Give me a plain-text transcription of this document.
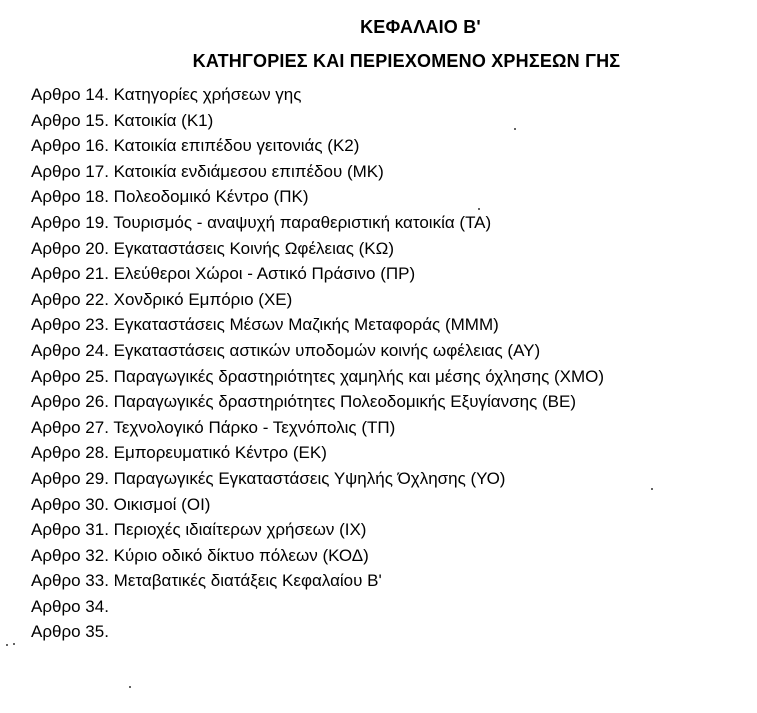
ΚΕΦΑΛΑΙΟ Β'
ΚΑΤΗΓΟΡΙΕΣ ΚΑΙ ΠΕΡΙΕΧΟΜΕΝΟ ΧΡΗΣΕΩΝ ΓΗΣ
Αρθρο 14. Κατηγορίες χρήσεων γης
Αρθρο 15. Κατοικία (Κ1)
Αρθρο 16. Κατοικία επιπέδου γειτονιάς (Κ2)
Αρθρο 17. Κατοικία ενδιάμεσου επιπέδου (ΜΚ)
Αρθρο 18. Πολεοδομικό Κέντρο (ΠΚ)
Αρθρο 19. Τουρισμός - αναψυχή παραθεριστική κατοικία (ΤΑ)
Αρθρο 20. Εγκαταστάσεις Κοινής Ωφέλειας (ΚΩ)
Αρθρο 21. Ελεύθεροι Χώροι - Αστικό Πράσινο (ΠΡ)
Αρθρο 22. Χονδρικό Εμπόριο (ΧΕ)
Αρθρο 23. Εγκαταστάσεις Μέσων Μαζικής Μεταφοράς (ΜΜΜ)
Αρθρο 24. Εγκαταστάσεις αστικών υποδομών κοινής ωφέλειας (ΑΥ)
Αρθρο 25. Παραγωγικές δραστηριότητες χαμηλής και μέσης όχλησης (ΧΜΟ)
Αρθρο 26. Παραγωγικές δραστηριότητες Πολεοδομικής Εξυγίανσης (ΒΕ)
Αρθρο 27. Τεχνολογικό Πάρκο - Τεχνόπολις (ΤΠ)
Αρθρο 28. Εμπορευματικό Κέντρο (ΕΚ)
Αρθρο 29. Παραγωγικές Εγκαταστάσεις Υψηλής Όχλησης (ΥΟ)
Αρθρο 30. Οικισμοί (ΟΙ)
Αρθρο 31. Περιοχές ιδιαίτερων χρήσεων (ΙΧ)
Αρθρο 32. Κύριο οδικό δίκτυο πόλεων (ΚΟΔ)
Αρθρο 33. Μεταβατικές διατάξεις Κεφαλαίου Β'
Αρθρο 34.
Αρθρο 35.
